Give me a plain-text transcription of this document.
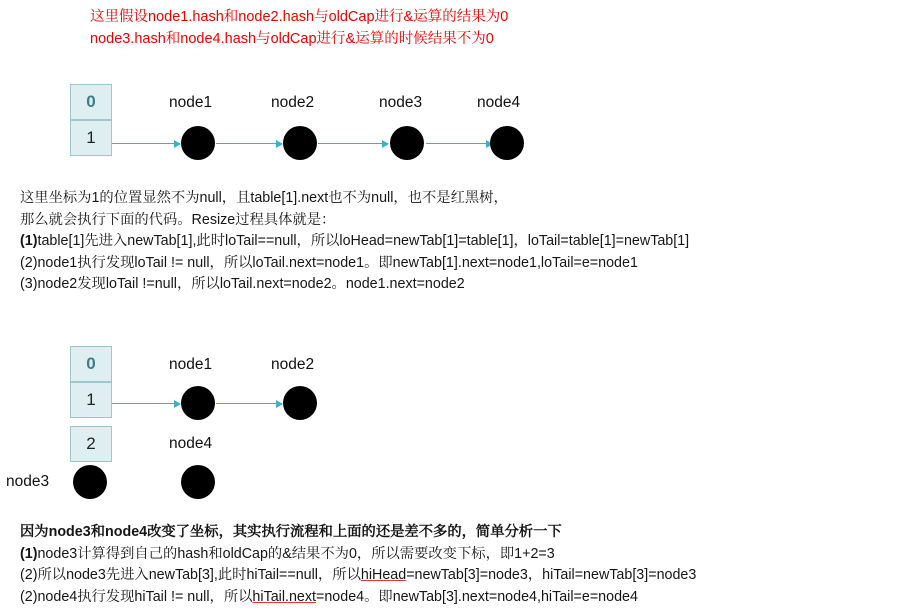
这里假设node1.hash和node2.hash与oldCap进行&运算的结果为0
node3.hash和node4.hash与oldCap进行&运算的时候结果不为0
0
1
node1	node2	node3	node4
这里坐标为1的位置显然不为null，且table[1].next也不为null，也不是红黑树，
那么就会执行下面的代码。Resize过程具体就是：
(1)table[1]先进入newTab[1],此时loTail==null，所以loHead=newTab[1]=table[1]，loTail=table[1]=newTab[1]
(2)node1执行发现loTail != null，所以loTail.next=node1。即newTab[1].next=node1,loTail=e=node1
(3)node2发现loTail !=null，所以loTail.next=node2。node1.next=node2
0
1
2
node1	node2
node4
node3
因为node3和node4改变了坐标，其实执行流程和上面的还是差不多的，简单分析一下
(1)node3计算得到自己的hash和oldCap的&结果不为0，所以需要改变下标，即1+2=3
(2)所以node3先进入newTab[3],此时hiTail==null，所以hiHead=newTab[3]=node3，hiTail=newTab[3]=node3
(2)node4执行发现hiTail != null，所以hiTail.next=node4。即newTab[3].next=node4,hiTail=e=node4
